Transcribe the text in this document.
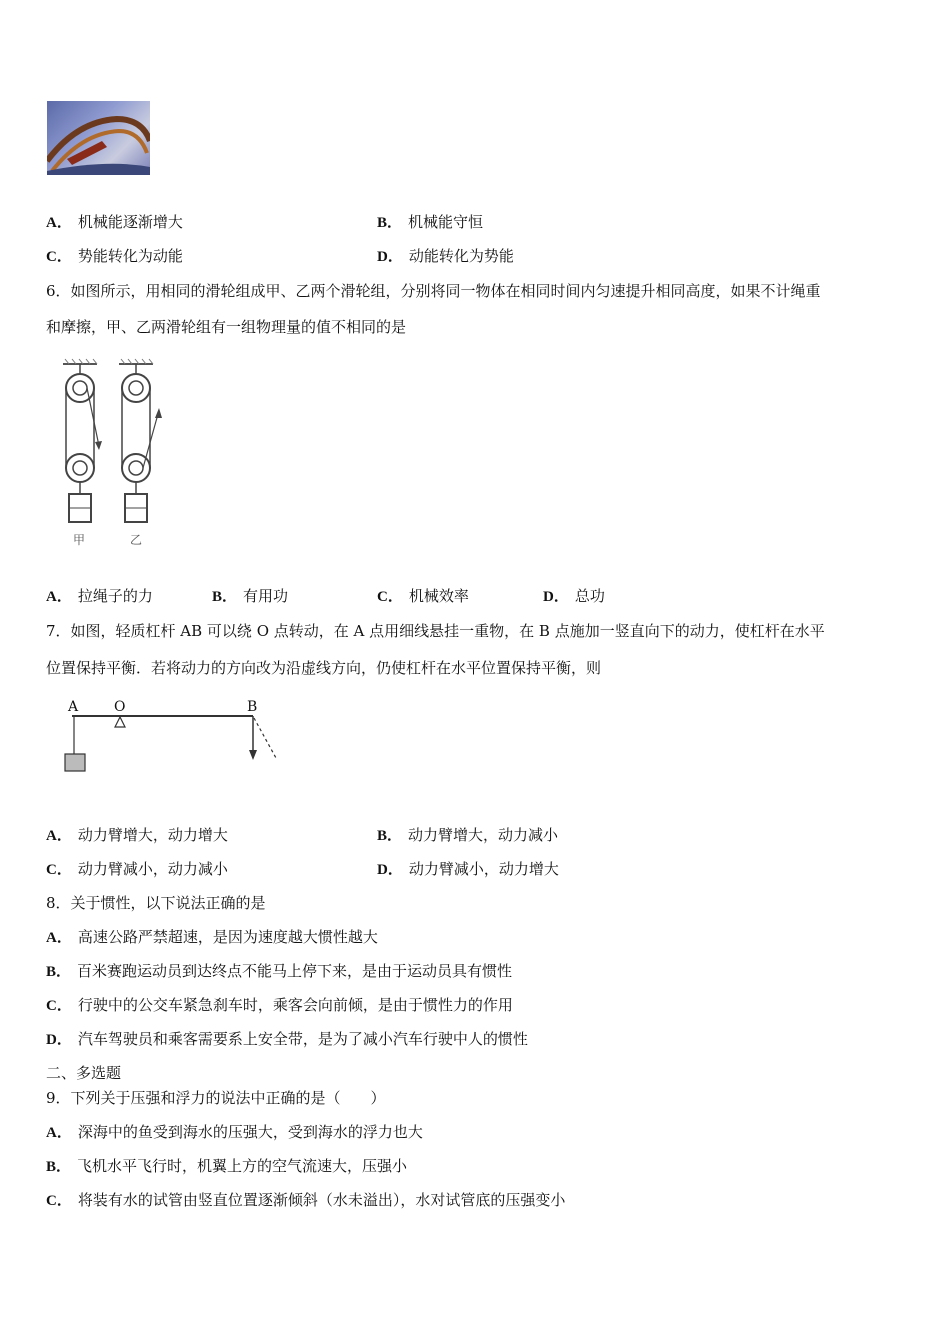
A． 机械能逐渐增大	B． 机械能守恒
C． 势能转化为动能	D． 动能转化为势能
6．如图所示，用相同的滑轮组成甲、乙两个滑轮组，分别将同一物体在相同时间内匀速提升相同高度，如果不计绳重
和摩擦，甲、乙两滑轮组有一组物理量的值不相同的是
甲	乙
A． 拉绳子的力	B． 有用功	C． 机械效率	D． 总功
7．如图，轻质杠杆 AB 可以绕 O 点转动，在 A 点用细线悬挂一重物，在 B 点施加一竖直向下的动力，使杠杆在水平
位置保持平衡．若将动力的方向改为沿虚线方向，仍使杠杆在水平位置保持平衡，则
A	O	B
A． 动力臂增大，动力增大	B． 动力臂增大，动力减小
C． 动力臂减小，动力减小	D． 动力臂减小，动力增大
8．关于惯性，以下说法正确的是
A． 高速公路严禁超速，是因为速度越大惯性越大
B． 百米赛跑运动员到达终点不能马上停下来，是由于运动员具有惯性
C． 行驶中的公交车紧急刹车时，乘客会向前倾，是由于惯性力的作用
D． 汽车驾驶员和乘客需要系上安全带，是为了减小汽车行驶中人的惯性
二、多选题
9．下列关于压强和浮力的说法中正确的是（　　）
A． 深海中的鱼受到海水的压强大，受到海水的浮力也大
B． 飞机水平飞行时，机翼上方的空气流速大，压强小
C． 将装有水的试管由竖直位置逐渐倾斜（水未溢出），水对试管底的压强变小
